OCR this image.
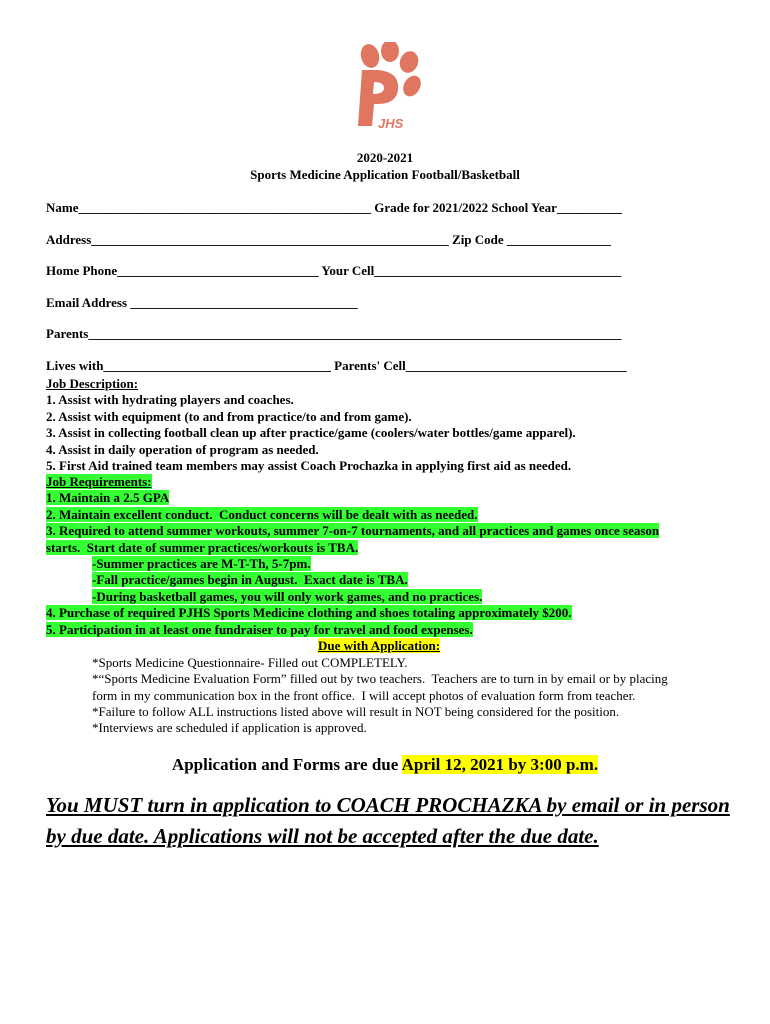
JHS
2020-2021
Sports Medicine Application Football/Basketball
Name_____________________________________________ Grade for 2021/2022 School Year__________
Address_______________________________________________________ Zip Code ________________
Home Phone_______________________________ Your Cell______________________________________
Email Address ___________________________________
Parents__________________________________________________________________________________
Lives with___________________________________ Parents' Cell__________________________________
Job Description:
1. Assist with hydrating players and coaches.
2. Assist with equipment (to and from practice/to and from game).
3. Assist in collecting football clean up after practice/game (coolers/water bottles/game apparel).
4. Assist in daily operation of program as needed.
5. First Aid trained team members may assist Coach Prochazka in applying first aid as needed.
Job Requirements:
1. Maintain a 2.5 GPA
2. Maintain excellent conduct.  Conduct concerns will be dealt with as needed.
3. Required to attend summer workouts, summer 7-on-7 tournaments, and all practices and games once season
starts.  Start date of summer practices/workouts is TBA.
-Summer practices are M-T-Th, 5-7pm.
-Fall practice/games begin in August.  Exact date is TBA.
-During basketball games, you will only work games, and no practices.
4. Purchase of required PJHS Sports Medicine clothing and shoes totaling approximately $200.
5. Participation in at least one fundraiser to pay for travel and food expenses.
Due with Application:
*Sports Medicine Questionnaire- Filled out COMPLETELY.
*“Sports Medicine Evaluation Form” filled out by two teachers.  Teachers are to turn in by email or by placing
form in my communication box in the front office.  I will accept photos of evaluation form from teacher.
*Failure to follow ALL instructions listed above will result in NOT being considered for the position.
*Interviews are scheduled if application is approved.
Application and Forms are due April 12, 2021 by 3:00 p.m.
You MUST turn in application to COACH PROCHAZKA by email or in person by due date. Applications will not be accepted after the due date.
